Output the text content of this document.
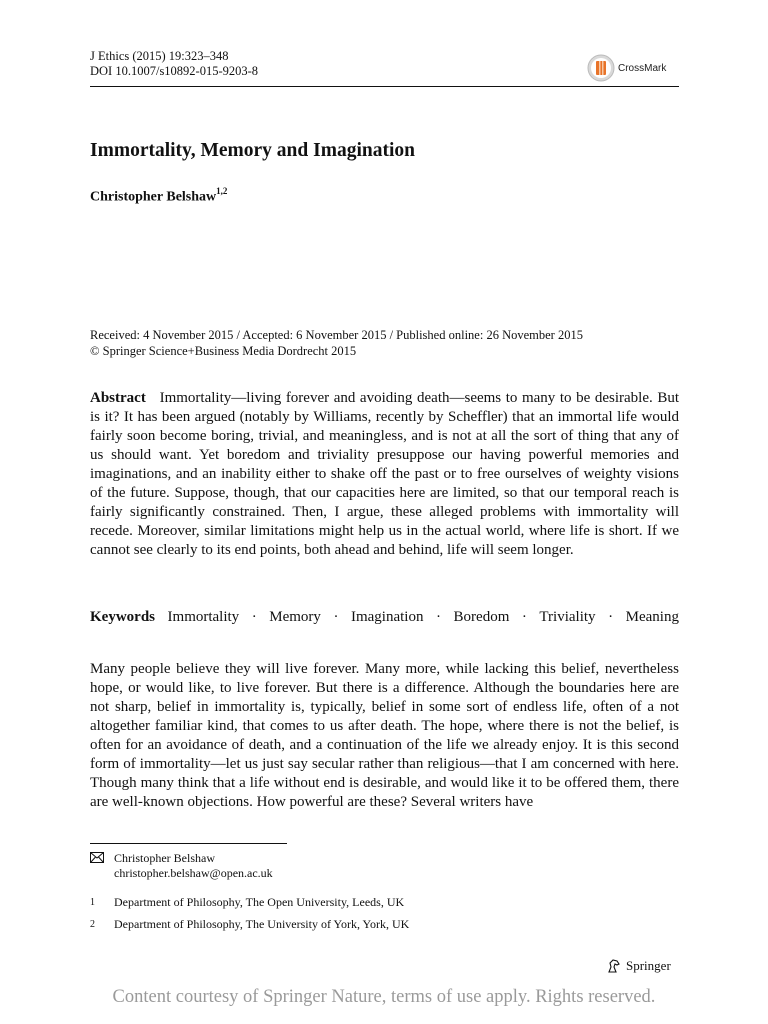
J Ethics (2015) 19:323–348
DOI 10.1007/s10892-015-9203-8	CrossMark
Immortality, Memory and Imagination
Christopher Belshaw$^{1,2}$
Received: 4 November 2015 / Accepted: 6 November 2015 / Published online: 26 November 2015
© Springer Science+Business Media Dordrecht 2015
Abstract Immortality—living forever and avoiding death—seems to many to be desirable. But is it? It has been argued (notably by Williams, recently by Scheffler) that an immortal life would fairly soon become boring, trivial, and meaningless, and is not at all the sort of thing that any of us should want. Yet boredom and triviality presuppose our having powerful memories and imaginations, and an inability either to shake off the past or to free ourselves of weighty visions of the future. Suppose, though, that our capacities here are limited, so that our temporal reach is fairly significantly constrained. Then, I argue, these alleged problems with immortality will recede. Moreover, similar limitations might help us in the actual world, where life is short. If we cannot see clearly to its end points, both ahead and behind, life will seem longer.
Keywords Immortality · Memory · Imagination · Boredom · Triviality · Meaning
Many people believe they will live forever. Many more, while lacking this belief, nevertheless hope, or would like, to live forever. But there is a difference. Although the boundaries here are not sharp, belief in immortality is, typically, belief in some sort of endless life, often of a not altogether familiar kind, that comes to us after death. The hope, where there is not the belief, is often for an avoidance of death, and a continuation of the life we already enjoy. It is this second form of immortality—let us just say secular rather than religious—that I am concerned with here. Though many think that a life without end is desirable, and would like it to be offered them, there are well-known objections. How powerful are these? Several writers have
Christopher Belshaw
christopher.belshaw@open.ac.uk
1 Department of Philosophy, The Open University, Leeds, UK
2 Department of Philosophy, The University of York, York, UK
Springer
Content courtesy of Springer Nature, terms of use apply. Rights reserved.
